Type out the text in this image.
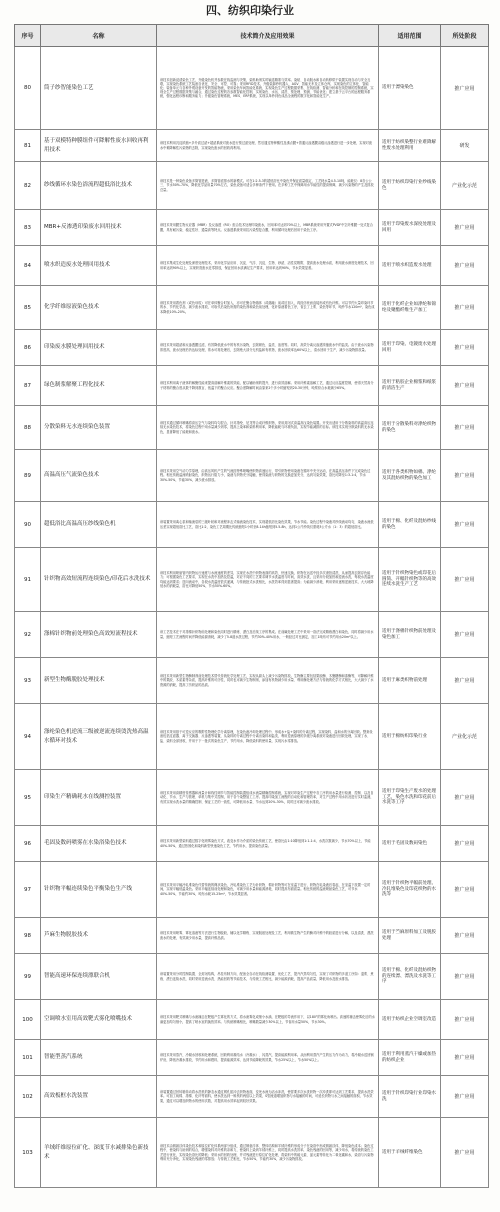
四、纺织印染行业
序号	名称	技术简介及应用效果	适用范围	所处阶段
80	筒子纱智能染色工艺	该技术创新浸渍染色工艺，升级染色机并参数在线监测与决策，染料助剂实时输送精准与效率。染贴、自动脱水和自动转移烘干装置实现自动与安全互联，实现染色系统工艺装备自优化、安全、可控、可靠；采用RFID技术，升级装卸纱机器人、AGV、智能无车及立体仓库，实现染色的立体化、智能化；装备单元与各种外观设备开发的智能物流，采用染色车间智能化系统，实现染色生产过程数据采集、在线检测、智能分析和在线控制的控制系统，实现全生产过程数据采集与融合，通过染色过程的各参数智能化控制，实现染色、水运、清洗、预处理、预测、节能优化；建立基于云平台的远程服务系统，强化远程诊断和服务能力；升级染色管理系统，MES、ERP系统，实现以单纱到色成品全流程的数字化和智能化生产。	适用于漂染染色	推广应用
81	基于双模特种膜组件可降解性废水回收再利用技术	该技术利用沉淀浓缩+多介质过滤+超滤系统对废水进行预过滤处理，然后通过特种酸性及沸点膜+普通反渗透膜双级反渗透进行进一步处理，实现对废水中难降解性污染物的去除，实现染色废水的回收再利用。	适用于纺织染整行业难降解性废水处理利用	研发
82	纱线循环水染色浴流程超低浴比技术	该技术是一种染色设备多筒管进液，多筒管滤排水的新模式。可在1:2.5-3的超低浴比中染色并保证质量稳定，工艺耗水量4.5-10吨，能耗仅：8各公公三、节水50%-70%，降低化学品用量70%左右，染色设备可适合多种条件下使用。在多种工艺中保障用水节能性的提高保障，减少污染物的产生及排放总量。	适用于纺织印染行业纱线染色	产业化示范
83	MBR+反渗透印染废水回用技术	该技术采用膜生物反应器（MBR）及反渗透（RO）组合技术处理印染废水，回用率可达到70%以上，MBR系统采用外置式PVDF中空纤维膜一处式复合膜，具有耐污染、稳定性好、通量高等特点。反渗透系统采用抗污染型复合膜，利用循环处理后回用于染色工序。	适用于印染废水深度处理及回用	推广应用
84	喷水织造废水处理回用技术	该技术集成生化处理及深度处理技术，采用化学品应用、沉淀、气浮、沉淀、生物、砂滤、活性炭吸附，提高废水处理水质，利用废水深度处理技术，回用率达到90%以上，实现织造废水近零排放，保证回用水质满足生产要求，回用率达到90%，节水效果显著。	适用于喷水织造废水处理	推广应用
85	化学纤维原液染色技术	该技术采用着色剂（或色母粒）可在单体聚合时加入，亦可在聚合物熔体（或熔融）前或后加入，再经纺丝而直接形成有色纤维。可以节约大量印染环节的水、节约化学品、减少废水排放，可取代后染色所需的染色剂和染色前处理，化纤原液着色工序，省去了上浆、染色等环节，吨纱节水120m³，染色成本降低10%-20%。	适用于化纤企业如涤纶和锦纶及聚酯纤维生产加工	推广应用
86	印染废水膜处理回用技术	该技术采用超滤和反渗透膜过滤，有效降低废水中的有机污染物，去除颜色、盐类、浊度等。同时，高效分离反渗透浓缩废水中的盐类。由于废水污染物浓度高，废水处理后仍达标处理，浓水可再处理后，去除绝大部分无机盐和有机物，废水回收率达60%以上，清水回用于生产，减少污染物排放量。	适用于印染、电镀废水处理回用	推广应用
87	绿色制浆解聚工程化技术	该技术利用离子液体的解聚性能来提高溶解纤维素的效能，配以辅助剂的提升，进行高效溶解。采用纤维素溶解工艺，通过反应温度控制，使得天然高分子材料的聚合度从数千降到数百，低温下的聚合反应。聚合度降解时间由原来2个多小时缩短到20-30分钟，吨浆综合水耗减少65%。	适用于粘胶企业棉浆和纸浆的清洁生产	推广应用
88	分散染料无水连续染色装置	该技术通过循环喷嘴将高压空气与染料均匀混合，针对涤纶、尼龙等合成纤维织物，采用封闭式高温高压染色装置。开发出适用于分散染料的高温高压连续无水染色技术，将染色过程中用水量减少到零，提高上染率和染料利用率，降低能耗与环境负担，实现节能减排的目标。该技术实现分散染料的无水染色，显著降低了能耗和废水。	适用于分散染料对涤纶织物的染色	推广应用
89	高温高压气流染色技术	该技术采用空气动力学原理，由高压风机产生的气流经特殊喷嘴使织物高速运行，带引织物使用染液在循环中充分运动，在高温高压条件下完成染色过程。相比传统溢流喷射染色，织物运行阻力小，染液与织物充分接触，使得染液与织物的交换更加充分，达到匀染效果，浴比可降至1:3-1:4，节水30%-50%，节能30%，减少废水排放。	适用于各类织物如棉、涤纶及其混纺织物的染色加工	推广应用
90	超低浴比高温高压纱线染色机	该装置采用离心泵和轴流泵的三级叶轮和对流程冲击式轴流染色技术，实现超低浴比染色效果，节水节能。染色过程中染液对纱线流动均匀，染液水流低压差实现超低浴比工艺，浴比1:2，染色工艺周期比传统缩短1小时至8-14h缩短到5.5-8h，达到1公斤纱线仅需耗3公斤水（1：3）的超低浴比。	适用于棉、化纤及混纺纱线的染色	推广应用
91	针织物高效短流程连续染色/印花后水洗技术	该技术利用喷射管内织物运行速度与水流速度的差异，实现在水洗中织物表面的高效、快速交换，织物在运送中经多次滚拍清洗，从而提高去除浮色能力；可根据染色工艺要求，实现在水洗中加热及控温，对应不同的工艺要求调节水洗温度与时间，高效水洗，且采用分段加热和逆流水洗，每段水洗温度均能达到要求；逆向流动中，各段水洗温度依次递减，与传统批式水洗相比，水洗效率得到显著提高；为能减少消耗，利用采用逐格逆流技术，大大地降低水的消耗量，浴比可降低50%，节水50%-60%。	适用于针织物染色或印花后圆筒、开幅针织物等的高效连续水洗生产工艺	推广应用
92	涤棉针织物前处理染色高效短流程技术	该工艺技术在于对涤棉针织物前处理和染色同时进行精练、漂白及后续工序的集成。在前碱处理工艺中采用一浴法完成精练漂白和染色，同时将减少用水量，缩短工艺流程时间并降低能源消耗，减少了5-8道水洗过程，节约30%-40%用水，一般经过对比测定，加工1吨布可节约用水20m³以上。	适用于涤棉针织物前处理及染色加工	推广应用
93	新型生物酶脱胶处理技术	该技术采用新型生物酶制剂前处理技术替代传统化学处理工艺，实现从源头上减少污染物排放。生物酶主要包括果胶酶、木聚糖酶和漆酶等，可降解纤维中的果胶、木质素等杂质，提高纤维的可纺性，同时也可减少生物制剂，添加有机物减少用水量、利用酶处理方法与传统的化学方式相比，大大减少了水资源的消耗，提高了纺织品的品质。	适用于麻类织物前处理	推广应用
94	涤纶染色机逆流三级被逆流连续烫洗热高温水循环对技术	该技术采用基于可逆反应的吸附性物理化学分离原理，在染色液冷却处理过程中，形成水+盐+染料的分离过程，实现染料、盐和水的分离回收。整套设备包括过滤器、离子交换器、反渗透等装置，从染料的分离过程中分离出染料和盐类，利用逆流原理的多级分离系统对染液进行回收处理，实现了水、盐、染料全部回收，并用于下一批次的染色生产，节约用水，降低染料的使用量，实现污水零排放。	适用于棉纺织印染行业	产业化示范
95	印染生产精确耗水在线测控装置	该技术采用高精度传感器和流量计和线性调节与智能控制装置组成水流量精确控制系统，实现对印染生产过程中各工序的用水量进行检测、控制、以及自动化、节水、生产与管理、单机与集中式控制，用于各个染整加工工序。提高印染加工流程的自动化和管理效率，对生产过程中用水状况进行实时监测，有效实现水洗水量的精确控制、保证工艺的一致性，可降低用水量、节水达到20%-30%，同时还可减少废水排放。	适用于印染生产废水的处理工艺，染色水洗和印花前后水洗等工序	推广应用
96	毛固及数码喷雾在水染浴染色技术	该技术采用新型染料通过数字化喷雾染色方式，改变水作为介质的染色传统工艺，使浴比由1:10降低到1:1-1:4，水洗次数减少，节水70%以上，节能40%-50%，通过热固化和染料新型快速染色工艺，节约用水，提高染色质量。	适用于毛固及数码染色	推广应用
97	针织物平幅连续染色平衡染色生产线	该技术采用平幅冷轧堆染色代替传统的绳状染色，冷轧堆染色工艺为针织物、棉针织物等可在室温下进行，织物在轧染液后卷起，在室温下放置一定时间，实现平幅低温染色。采用平幅连续前处理和染色，可减少用水量和能源消耗，同时提高布面质量。相比传统的溢流喷射染色工艺，可节水40%-50%，节能约30%，吨布水耗15-25m³，节水效果显著。	适用于针织物平幅前处理、冷轧堆染色及印花织物的水洗等	推广应用
98	芦麻生物脱胶技术	该技术采用喷雾、雾化溶液等方法进行生物脱胶，辅以化学精炼、实现脱胶处理及工艺，利用微生物产生的酶对纤维中的胶质进行分解，以及清洗、漂洗废水的处理，有效减少用水量，提高纤维品质。	适用于苎麻原料加工及脱胶处理	推广应用
99	智能高速环保连续漂联合机	该装置采用分时控制装置、全封闭结构，吊挂布制方向，配备全自动在线检测装置、优化工艺、提升汽蒸均匀性，实现了对织物的多道工序如：退浆、煮练、漂白连续水洗，同时采用逆流水洗、热能回收等节能技术，与传统工艺相比，减少能源消耗，提高产品质量，降低用水及废水排放。	适用于棉、化纤及混纺织物的连续漂、漂洗及水洗等工序	推广应用
100	空调喷水室用高效靶式雾化喷嘴技术	该技术采用靶式喷嘴与水流撞击在靶板产生雾化的方式，将水流雾化成细小水滴，在靶板的导流作用下，以180°的雾化角喷出。高速的撞击使雾化后的水滴更加均匀细小，提高了喷水室的换热效率。与传统喷嘴相比，喷嘴数量减少30%以上，节省用水量50%，节水30%。	适用于纺织企业空调室改造	推广应用
101	智能型蒸汽系统	该技术采用蒸汽、冷凝水回收和处理系统，回收利用凝结水（冷凝水）、闪蒸汽，提高能源利用率。从而利用蒸汽产生的压力作为动力，将冷凝水送回锅炉房，降低冷凝水排放，节约用水和燃料，提高能源效率，达到节能降耗的效果，节水25%以上，节水50%以上。	适用于利用蒸汽干燥或加热的纺织企业	推广应用
102	高效板框水洗装置	该装置通过回转箱转动将水洗机的静态水通过网孔振冲去织物表面，变死水流为活水冲洗，使冒要多次水洗织物一次冲洗即可达到工艺要求，提高水洗效率。可加工纯棉、涤棉、化纤等面料，使水洗达到一般机的两倍以上效果，S型流道增加织物与水接触的时间，可延长织物与水之间接触的面积，节水效果，通过可以增加织物水的使用次数，对提高用水效率起到较好效果。	适用于针织印染行业印染水洗	推广应用
103	羊绒纤维原位矿化、深度节水减排染色新技术	该技术由微悬浮体染色技术和原位矿化体系两部分组成，通过制备浮体、整体结构和羊绒纤维的形成分子在染浴中形成微悬浮体，降低染色成本；染色过程中，使染料与助剂的结合，增强染料对纤维的亲和力，使染料上染到羊绒纤维上，同时提高水洗效率，染色残液的回用等，减少用水，将传统的染色工艺进行优化，实现染色浴比的降低；采用水的回收处理，并对残液进行原位矿化处理，将染料中的硫元素、氯元素等转化为二氧化碳和水，染浴与污染物利用充分净化，实现染色残液的零排放；与传统工艺相比，节水50%，节能约30%，减少污染物排放。	适用于羊绒纤维染色	推广应用
